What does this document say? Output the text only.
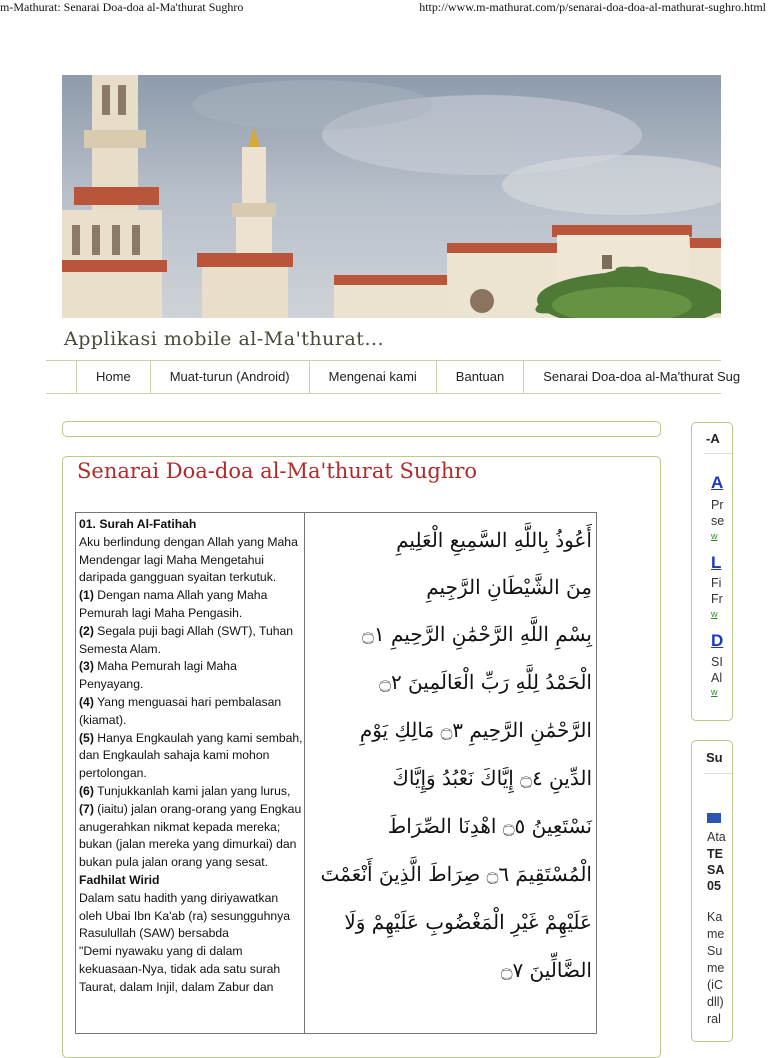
m-Mathurat: Senarai Doa-doa al-Ma'thurat Sughro	http://www.m-mathurat.com/p/senarai-doa-doa-al-mathurat-sughro.html
Applikasi mobile al-Ma'thurat...
Home	Muat-turun (Android)	Mengenai kami	Bantuan	Senarai Doa-doa al-Ma'thurat Sug
Senarai Doa-doa al-Ma'thurat Sughro

01. Surah Al-Fatihah

Aku berlindung dengan Allah yang Maha Mendengar lagi Maha Mengetahui daripada gangguan syaitan terkutuk.

(1) Dengan nama Allah yang Maha Pemurah lagi Maha Pengasih.

(2) Segala puji bagi Allah (SWT), Tuhan Semesta Alam.

(3) Maha Pemurah lagi Maha Penyayang.

(4) Yang menguasai hari pembalasan (kiamat).

(5) Hanya Engkaulah yang kami sembah, dan Engkaulah sahaja kami mohon pertolongan.

(6) Tunjukkanlah kami jalan yang lurus,

(7) (iaitu) jalan orang-orang yang Engkau anugerahkan nikmat kepada mereka; bukan (jalan mereka yang dimurkai) dan bukan pula jalan orang yang sesat.

Fadhilat Wirid

Dalam satu hadith yang diriyawatkan oleh Ubai Ibn Ka'ab (ra) sesungguhnya Rasulullah (SAW) bersabda

"Demi nyawaku yang di dalam kekuasaan-Nya, tidak ada satu surah Taurat, dalam Injil, dalam Zabur dan

أَعُوذُ بِاللَّهِ السَّمِيعِ الْعَلِيمِ
مِنَ الشَّيْطَانِ الرَّجِيمِ
بِسْمِ اللَّهِ الرَّحْمَٰنِ الرَّحِيمِ ۝١
الْحَمْدُ لِلَّهِ رَبِّ الْعَالَمِينَ ۝٢
الرَّحْمَٰنِ الرَّحِيمِ ۝٣ مَالِكِ يَوْمِ
الدِّينِ ۝٤ إِيَّاكَ نَعْبُدُ وَإِيَّاكَ
نَسْتَعِينُ ۝٥ اهْدِنَا الصِّرَاطَ
الْمُسْتَقِيمَ ۝٦ صِرَاطَ الَّذِينَ أَنْعَمْتَ
عَلَيْهِمْ غَيْرِ الْمَغْضُوبِ عَلَيْهِمْ وَلَا
الضَّالِّينَ ۝٧
-A
A
Pr
se
w
L
Fi
Fr
w
D
SI
Al
w
Su
Ata
TE
SA
05
Ka
me
Su
me
(iC
dll)
ral
